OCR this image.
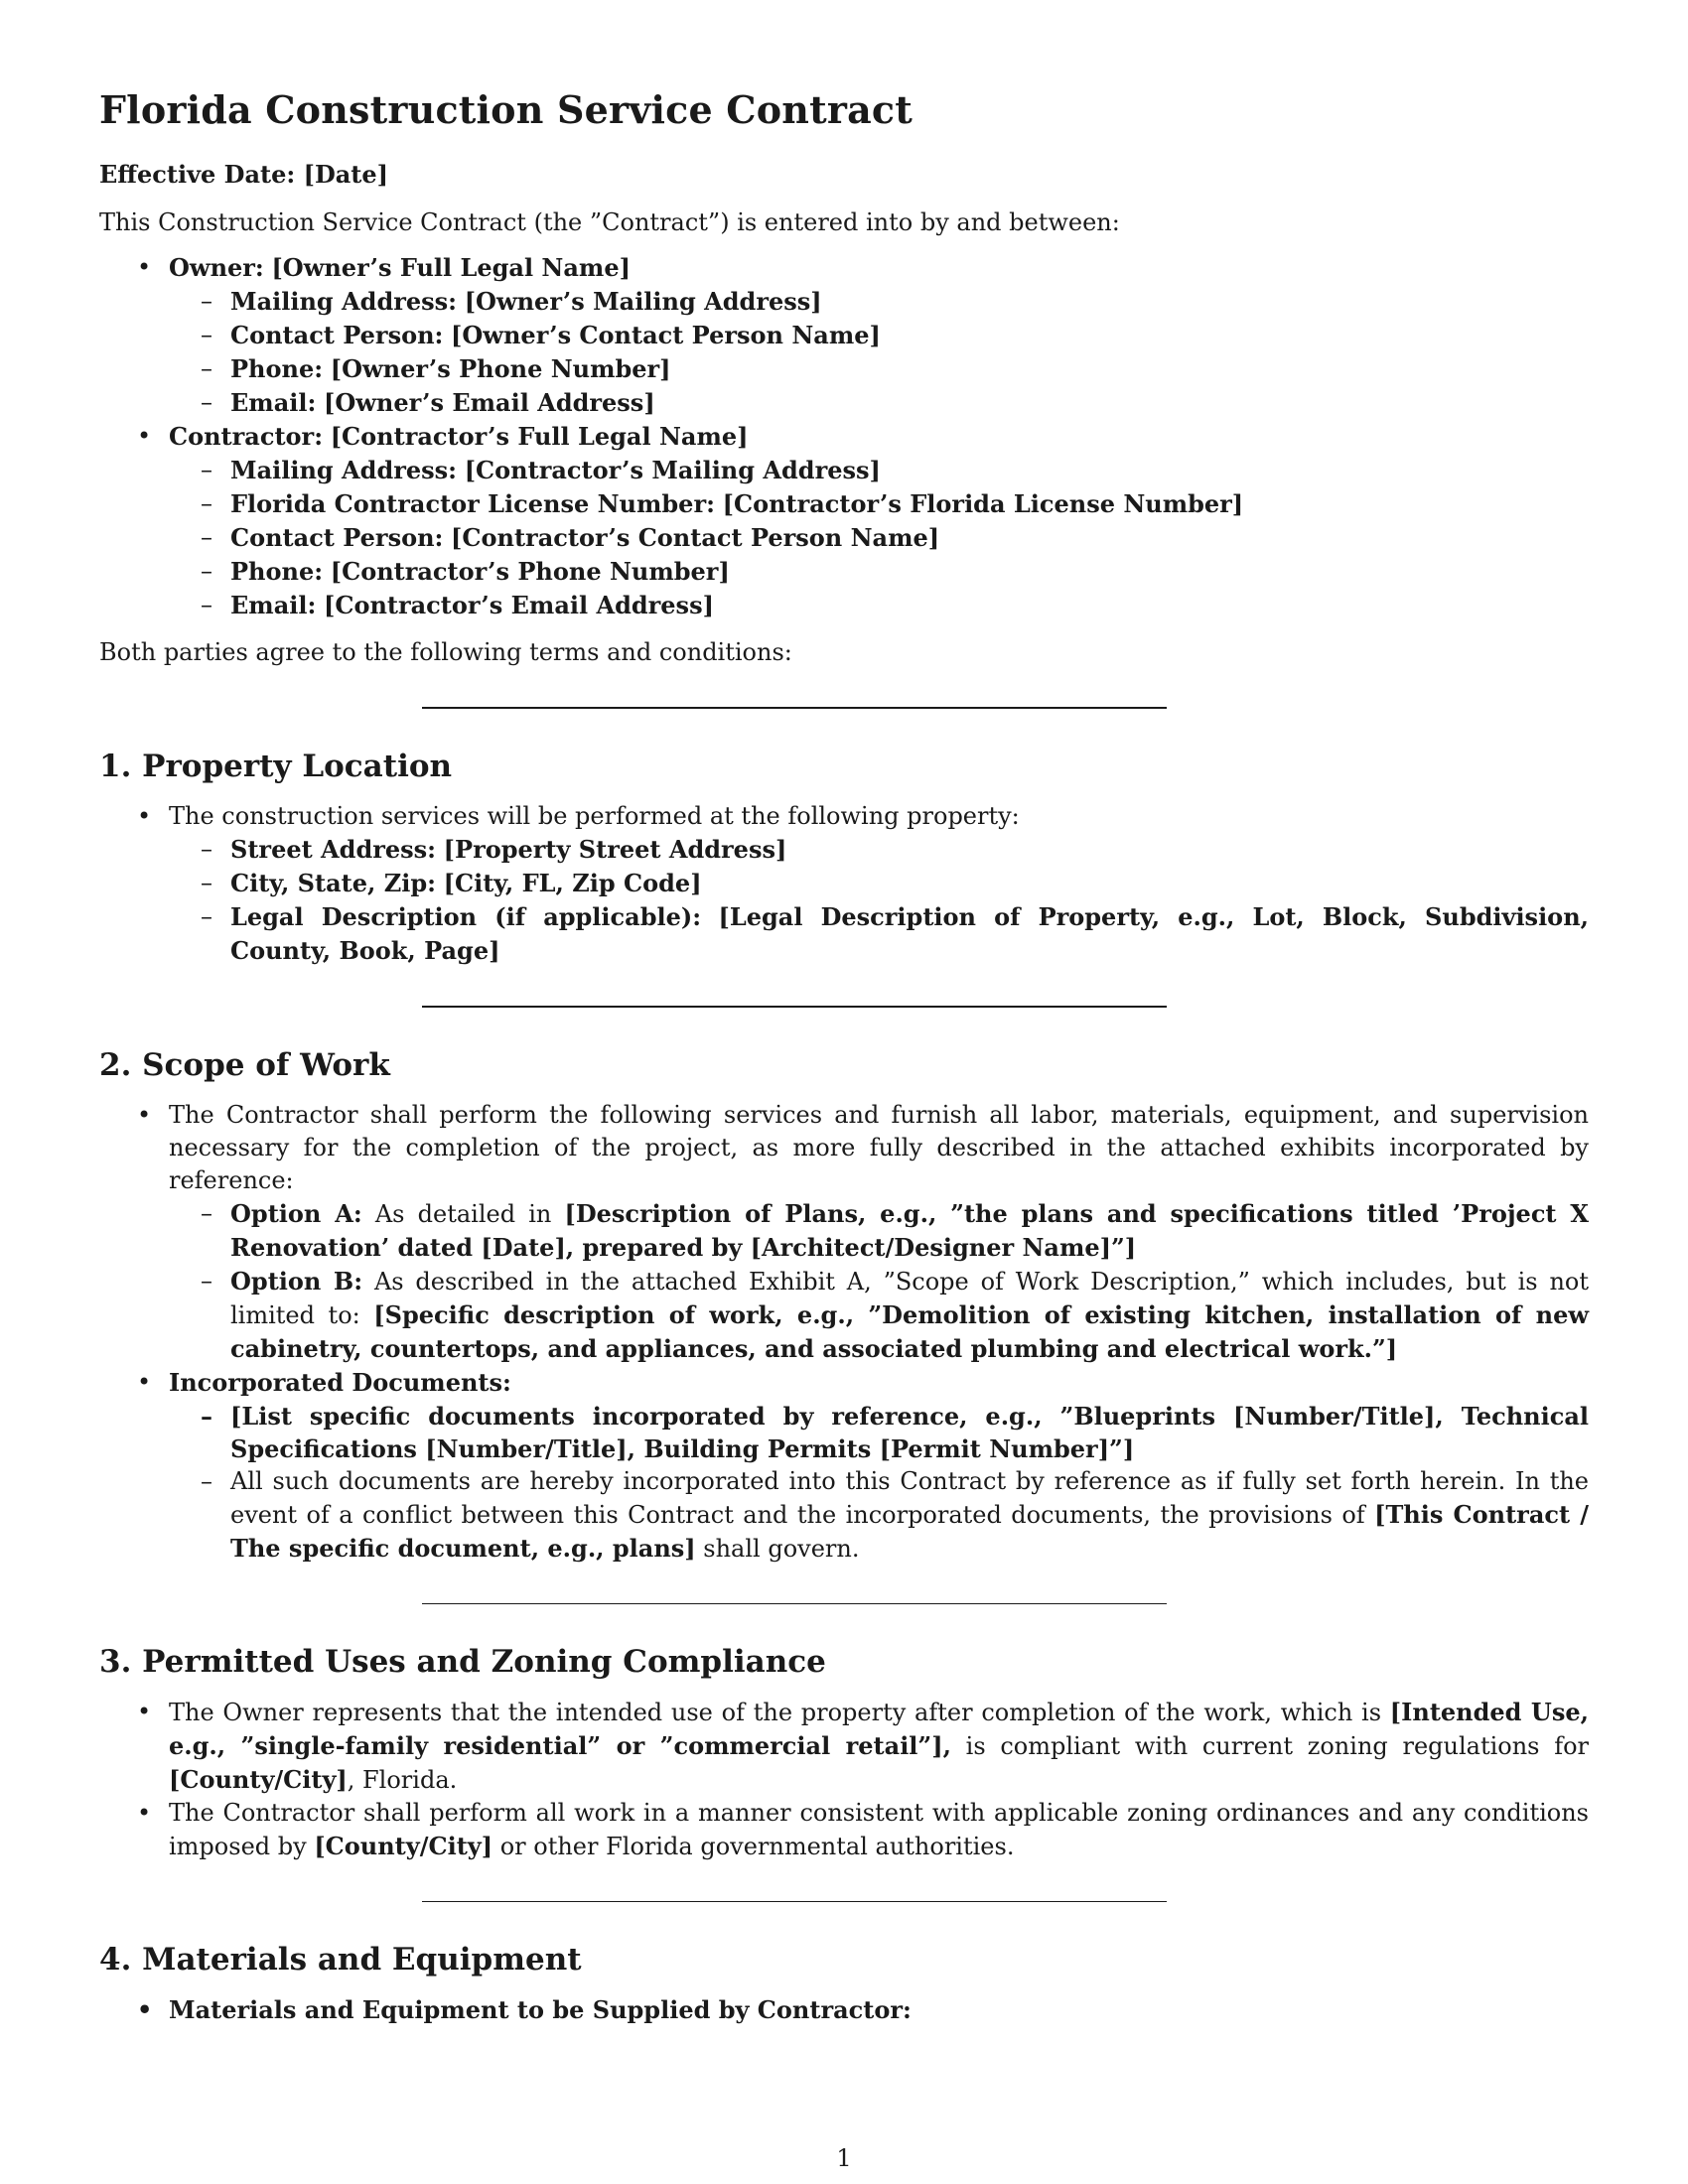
Florida Construction Service Contract
Effective Date: [Date]

This Construction Service Contract (the ”Contract”) is entered into by and between:

• Owner: [Owner’s Full Legal Name]
– Mailing Address: [Owner’s Mailing Address]
– Contact Person: [Owner’s Contact Person Name]
– Phone: [Owner’s Phone Number]
– Email: [Owner’s Email Address]
• Contractor: [Contractor’s Full Legal Name]
– Mailing Address: [Contractor’s Mailing Address]
– Florida Contractor License Number: [Contractor’s Florida License Number]
– Contact Person: [Contractor’s Contact Person Name]
– Phone: [Contractor’s Phone Number]
– Email: [Contractor’s Email Address]

Both parties agree to the following terms and conditions:

1. Property Location
• The construction services will be performed at the following property:
– Street Address: [Property Street Address]
– City, State, Zip: [City, FL, Zip Code]
– Legal Description (if applicable): [Legal Description of Property, e.g., Lot, Block, Subdivision, County, Book, Page]
2. Scope of Work
• The Contractor shall perform the following services and furnish all labor, materials, equipment, and supervision necessary for the completion of the project, as more fully described in the attached exhibits incorporated by reference:
– Option A: As detailed in [Description of Plans, e.g., ”the plans and specifications titled ’Project X Renovation’ dated [Date], prepared by [Architect/Designer Name]”]
– Option B: As described in the attached Exhibit A, ”Scope of Work Description,” which includes, but is not limited to: [Specific description of work, e.g., ”Demolition of existing kitchen, installation of new cabinetry, countertops, and appliances, and associated plumbing and electrical work.”]
• Incorporated Documents:
– [List specific documents incorporated by reference, e.g., ”Blueprints [Number/Title], Technical Specifications [Number/Title], Building Permits [Permit Number]”]
– All such documents are hereby incorporated into this Contract by reference as if fully set forth herein. In the event of a conflict between this Contract and the incorporated documents, the provisions of [This Contract / The specific document, e.g., plans] shall govern.
3. Permitted Uses and Zoning Compliance
• The Owner represents that the intended use of the property after completion of the work, which is [Intended Use, e.g., ”single-family residential” or ”commercial retail”], is compliant with current zoning regulations for [County/City], Florida.
• The Contractor shall perform all work in a manner consistent with applicable zoning ordinances and any conditions imposed by [County/City] or other Florida governmental authorities.
4. Materials and Equipment
• Materials and Equipment to be Supplied by Contractor:
1
